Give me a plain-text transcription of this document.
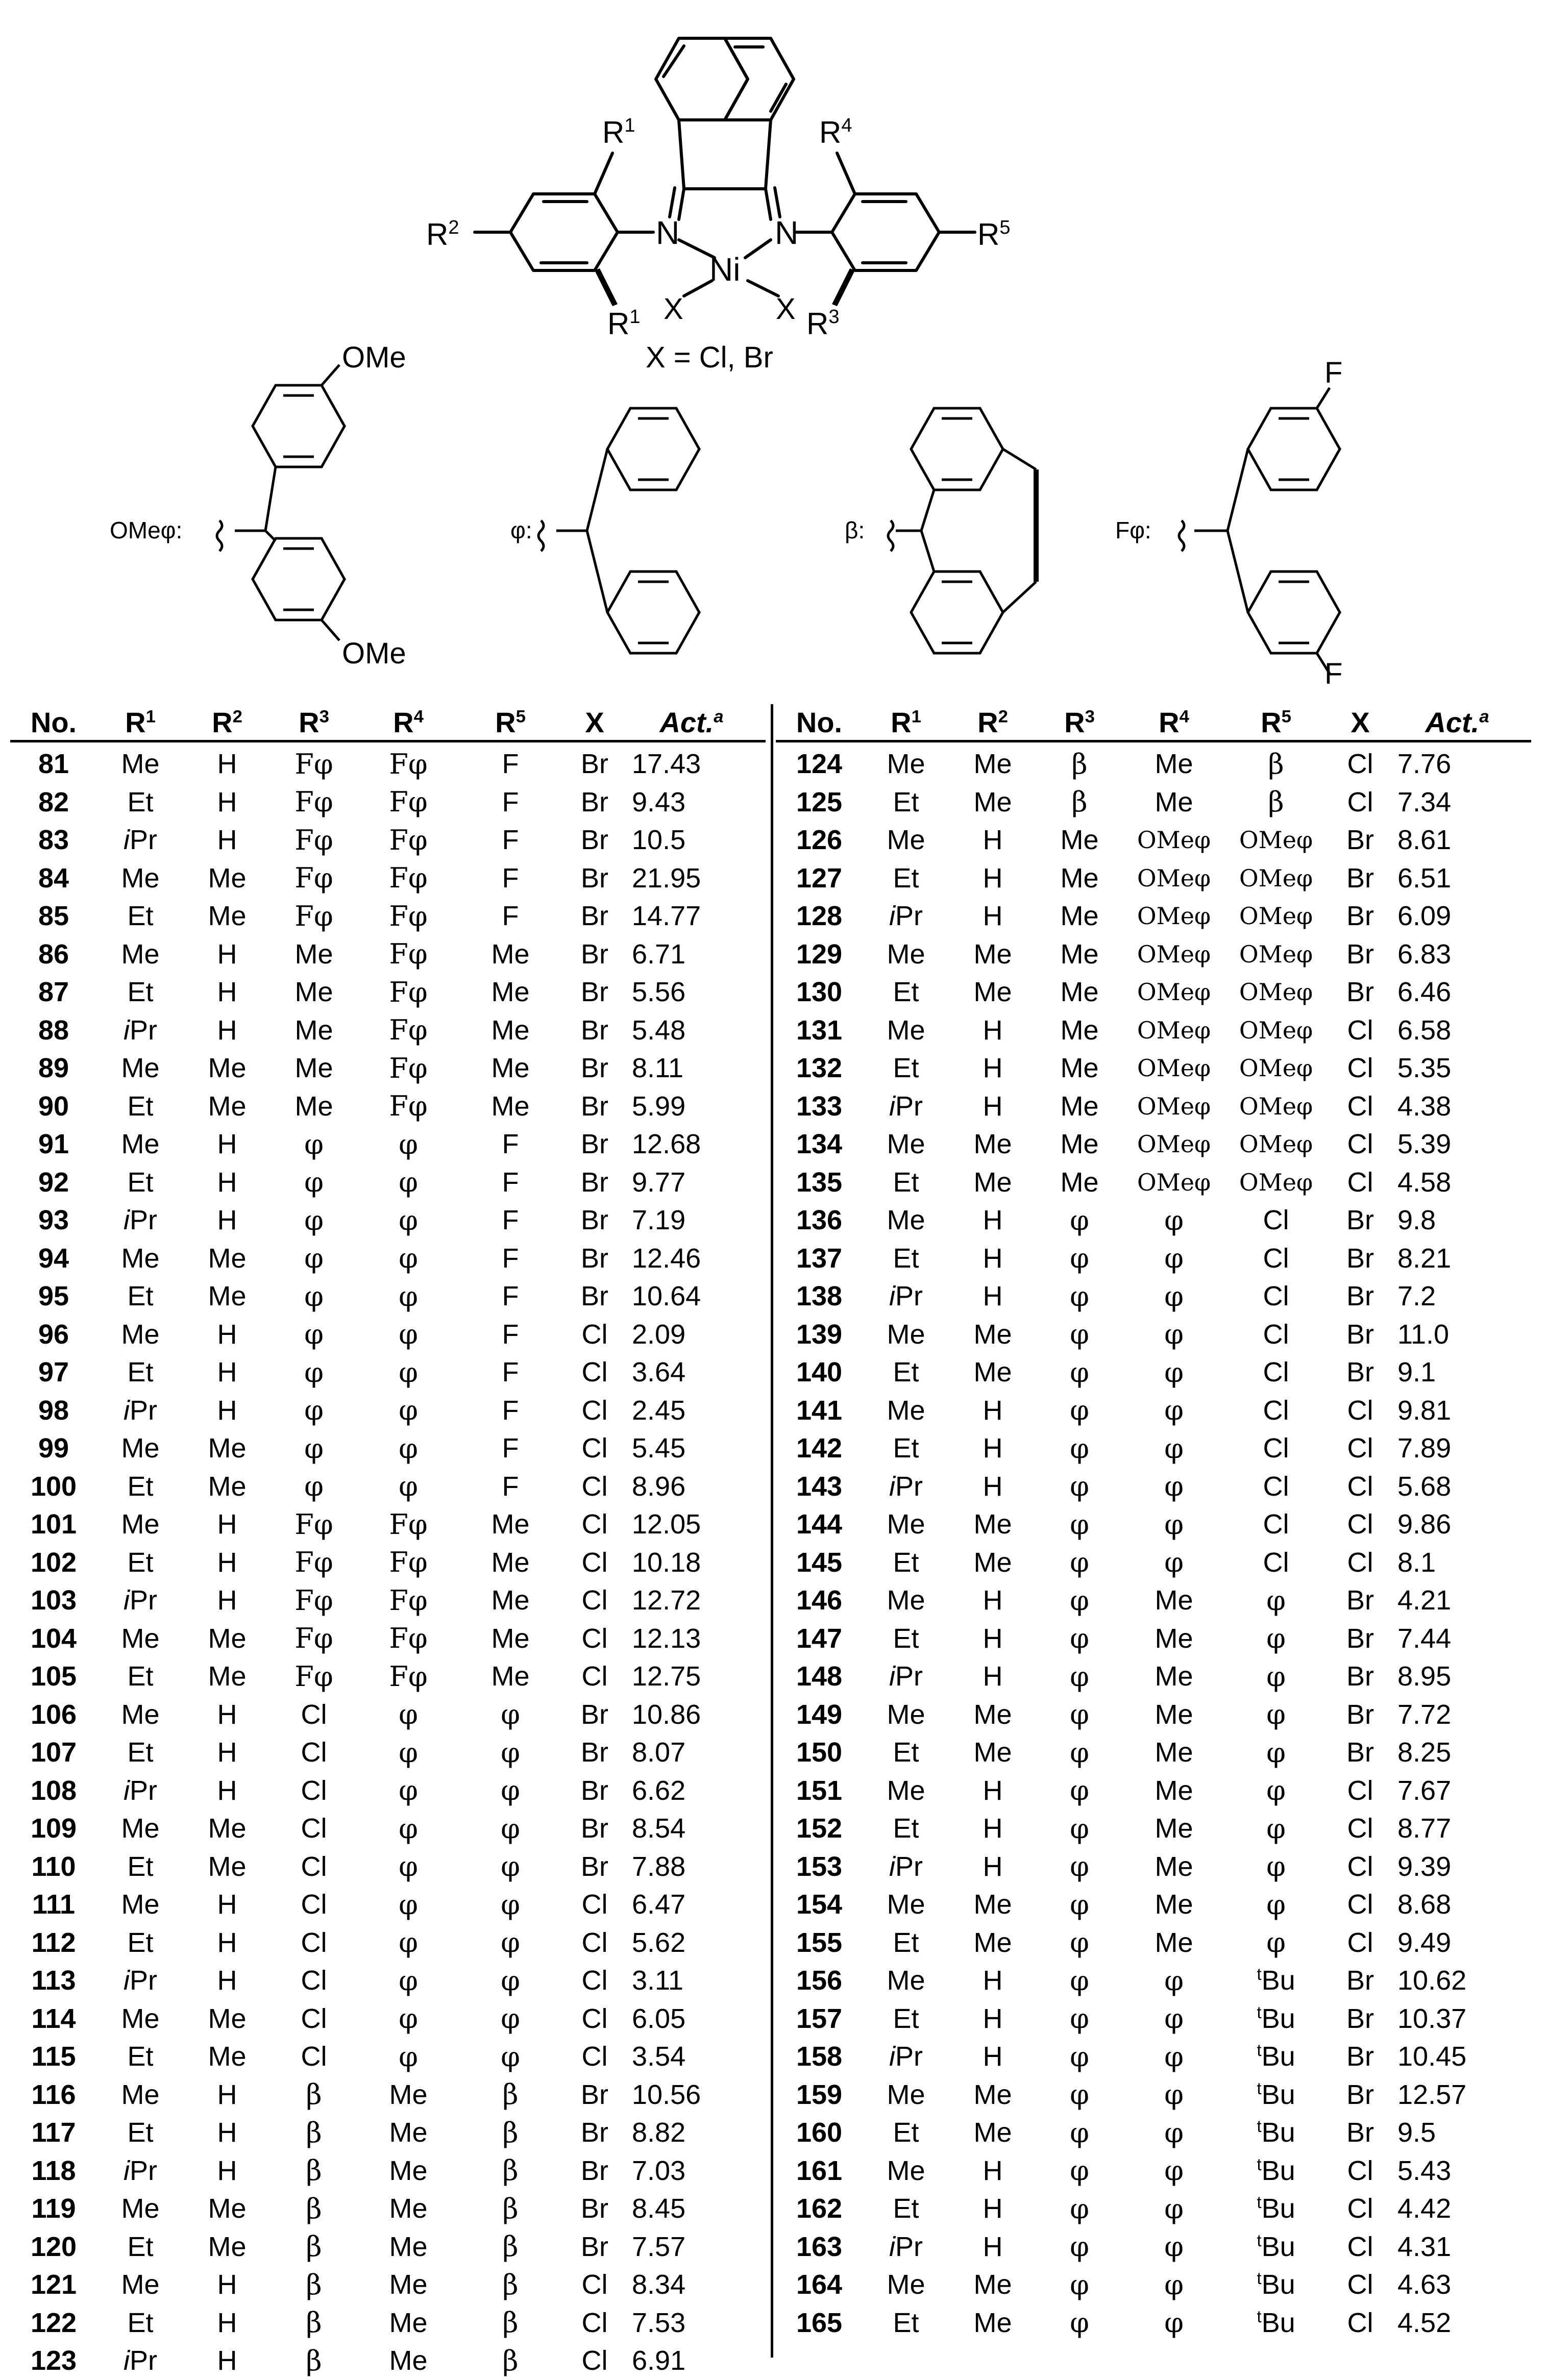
N	N
Ni
X	X
$R^1$
$R^1$
$R^2$
$R^3$
$R^4$
$R^5$
X = Cl, Br
OMeφ:
OMe
OMe
φ:	β:	Fφ:
F
F
No.	$R^1$	$R^2$	$R^3$	$R^4$	$R^5$	X	Act.$^a$
81	Me	H	Fφ	Fφ	F	Br 17.43
82	Et	H	Fφ	Fφ	F	Br 9.43
83	iPr	H	Fφ	Fφ	F	Br 10.5
84	Me	Me	Fφ	Fφ	F	Br 21.95
85	Et	Me	Fφ	Fφ	F	Br 14.77
86	Me	H	Me	Fφ	Me	Br 6.71
87	Et	H	Me	Fφ	Me	Br 5.56
88	iPr	H	Me	Fφ	Me	Br 5.48
89	Me	Me	Me	Fφ	Me	Br 8.11
90	Et	Me	Me	Fφ	Me	Br 5.99
91	Me	H	φ	φ	F	Br 12.68
92	Et	H	φ	φ	F	Br 9.77
93	iPr	H	φ	φ	F	Br 7.19
94	Me	Me	φ	φ	F	Br 12.46
95	Et	Me	φ	φ	F	Br 10.64
96	Me	H	φ	φ	F	Cl 2.09
97	Et	H	φ	φ	F	Cl 3.64
98	iPr	H	φ	φ	F	Cl 2.45
99	Me	Me	φ	φ	F	Cl 5.45
100	Et	Me	φ	φ	F	Cl 8.96
101	Me	H	Fφ	Fφ	Me	Cl 12.05
102	Et	H	Fφ	Fφ	Me	Cl 10.18
103	iPr	H	Fφ	Fφ	Me	Cl 12.72
104	Me	Me	Fφ	Fφ	Me	Cl 12.13
105	Et	Me	Fφ	Fφ	Me	Cl 12.75
106	Me	H	Cl	φ	φ	Br 10.86
107	Et	H	Cl	φ	φ	Br 8.07
108	iPr	H	Cl	φ	φ	Br 6.62
109	Me	Me	Cl	φ	φ	Br 8.54
110	Et	Me	Cl	φ	φ	Br 7.88
111	Me	H	Cl	φ	φ	Cl 6.47
112	Et	H	Cl	φ	φ	Cl 5.62
113	iPr	H	Cl	φ	φ	Cl 3.11
114	Me	Me	Cl	φ	φ	Cl 6.05
115	Et	Me	Cl	φ	φ	Cl 3.54
116	Me	H	β	Me	β	Br 10.56
117	Et	H	β	Me	β	Br 8.82
118	iPr	H	β	Me	β	Br 7.03
119	Me	Me	β	Me	β	Br 8.45
120	Et	Me	β	Me	β	Br 7.57
121	Me	H	β	Me	β	Cl 8.34
122	Et	H	β	Me	β	Cl 7.53
123	iPr	H	β	Me	β	Cl 6.91
No.	$R^1$	$R^2$	$R^3$	$R^4$	$R^5$	X	Act.$^a$
124	Me	Me	β	Me	β	Cl 7.76
125	Et	Me	β	Me	β	Cl 7.34
126	Me	H	Me	OMeφ	OMeφ	Br 8.61
127	Et	H	Me	OMeφ	OMeφ	Br 6.51
128	iPr	H	Me	OMeφ	OMeφ	Br 6.09
129	Me	Me	Me	OMeφ	OMeφ	Br 6.83
130	Et	Me	Me	OMeφ	OMeφ	Br 6.46
131	Me	H	Me	OMeφ	OMeφ	Cl 6.58
132	Et	H	Me	OMeφ	OMeφ	Cl 5.35
133	iPr	H	Me	OMeφ	OMeφ	Cl 4.38
134	Me	Me	Me	OMeφ	OMeφ	Cl 5.39
135	Et	Me	Me	OMeφ	OMeφ	Cl 4.58
136	Me	H	φ	φ	Cl	Br 9.8
137	Et	H	φ	φ	Cl	Br 8.21
138	iPr	H	φ	φ	Cl	Br 7.2
139	Me	Me	φ	φ	Cl	Br 11.0
140	Et	Me	φ	φ	Cl	Br 9.1
141	Me	H	φ	φ	Cl	Cl 9.81
142	Et	H	φ	φ	Cl	Cl 7.89
143	iPr	H	φ	φ	Cl	Cl 5.68
144	Me	Me	φ	φ	Cl	Cl 9.86
145	Et	Me	φ	φ	Cl	Cl 8.1
146	Me	H	φ	Me	φ	Br 4.21
147	Et	H	φ	Me	φ	Br 7.44
148	iPr	H	φ	Me	φ	Br 8.95
149	Me	Me	φ	Me	φ	Br 7.72
150	Et	Me	φ	Me	φ	Br 8.25
151	Me	H	φ	Me	φ	Cl 7.67
152	Et	H	φ	Me	φ	Cl 8.77
153	iPr	H	φ	Me	φ	Cl 9.39
154	Me	Me	φ	Me	φ	Cl 8.68
155	Et	Me	φ	Me	φ	Cl 9.49
156	Me	H	φ	φ	$^t$Bu	Br 10.62
157	Et	H	φ	φ	$^t$Bu	Br 10.37
158	iPr	H	φ	φ	$^t$Bu	Br 10.45
159	Me	Me	φ	φ	$^t$Bu	Br 12.57
160	Et	Me	φ	φ	$^t$Bu	Br 9.5
161	Me	H	φ	φ	$^t$Bu	Cl 5.43
162	Et	H	φ	φ	$^t$Bu	Cl 4.42
163	iPr	H	φ	φ	$^t$Bu	Cl 4.31
164	Me	Me	φ	φ	$^t$Bu	Cl 4.63
165	Et	Me	φ	φ	$^t$Bu	Cl 4.52
